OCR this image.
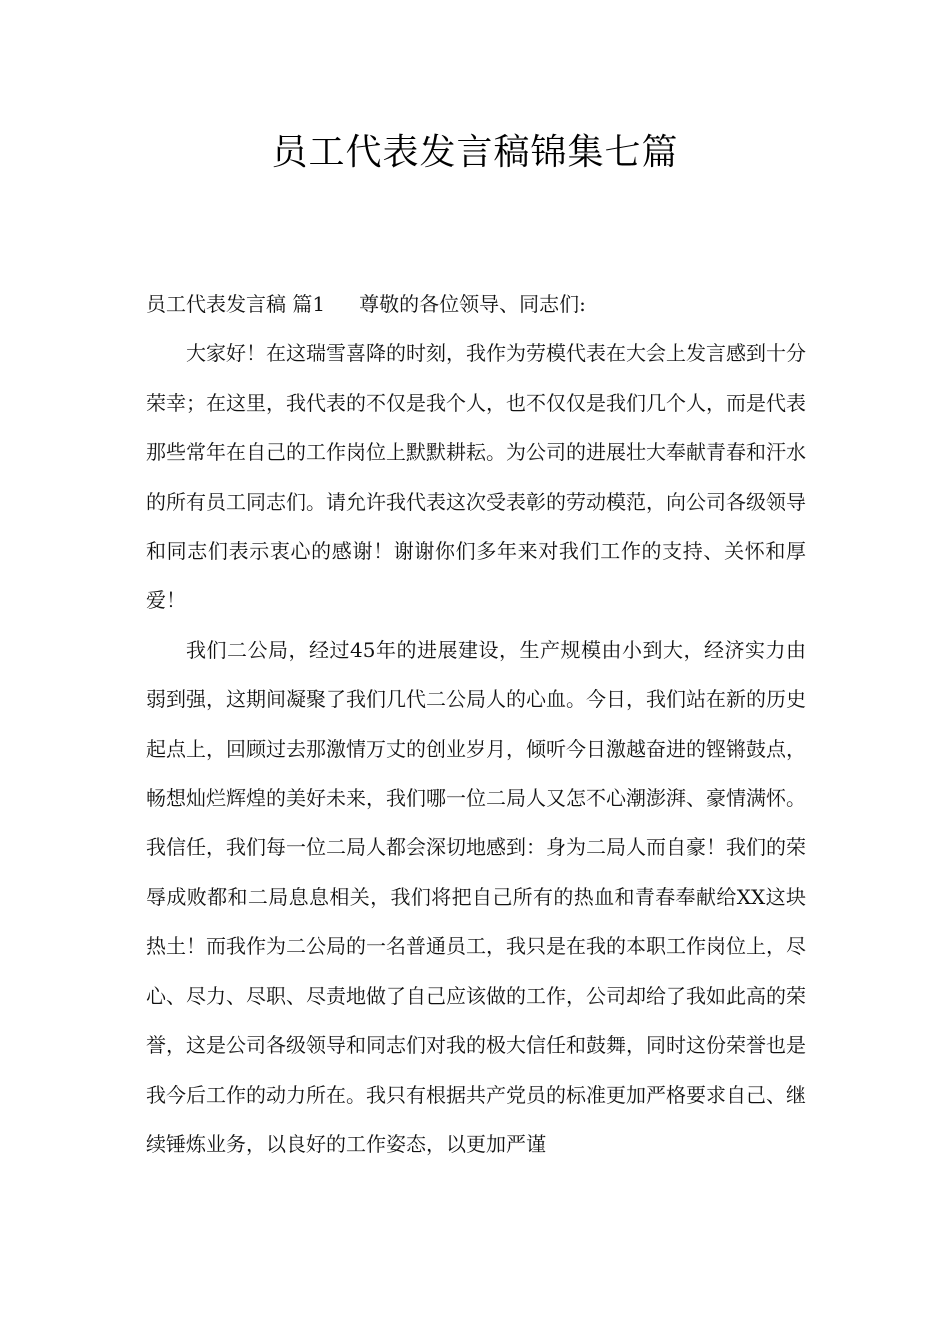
员工代表发言稿锦集七篇

员工代表发言稿 篇1 尊敬的各位领导、同志们:

大家好！在这瑞雪喜降的时刻，我作为劳模代表在大会上发言感到十分荣幸；在这里，我代表的不仅是我个人，也不仅仅是我们几个人，而是代表那些常年在自己的工作岗位上默默耕耘。为公司的进展壮大奉献青春和汗水的所有员工同志们。请允许我代表这次受表彰的劳动模范，向公司各级领导和同志们表示衷心的感谢！谢谢你们多年来对我们工作的支持、关怀和厚爱！

我们二公局，经过45年的进展建设，生产规模由小到大，经济实力由弱到强，这期间凝聚了我们几代二公局人的心血。今日，我们站在新的历史起点上，回顾过去那激情万丈的创业岁月，倾听今日激越奋进的铿锵鼓点，畅想灿烂辉煌的美好未来，我们哪一位二局人又怎不心潮澎湃、豪情满怀。我信任，我们每一位二局人都会深切地感到：身为二局人而自豪！我们的荣辱成败都和二局息息相关，我们将把自己所有的热血和青春奉献给XX这块热土！而我作为二公局的一名普通员工，我只是在我的本职工作岗位上，尽心、尽力、尽职、尽责地做了自己应该做的工作，公司却给了我如此高的荣誉，这是公司各级领导和同志们对我的极大信任和鼓舞，同时这份荣誉也是我今后工作的动力所在。我只有根据共产党员的标准更加严格要求自己、继续锤炼业务，以良好的工作姿态，以更加严谨
